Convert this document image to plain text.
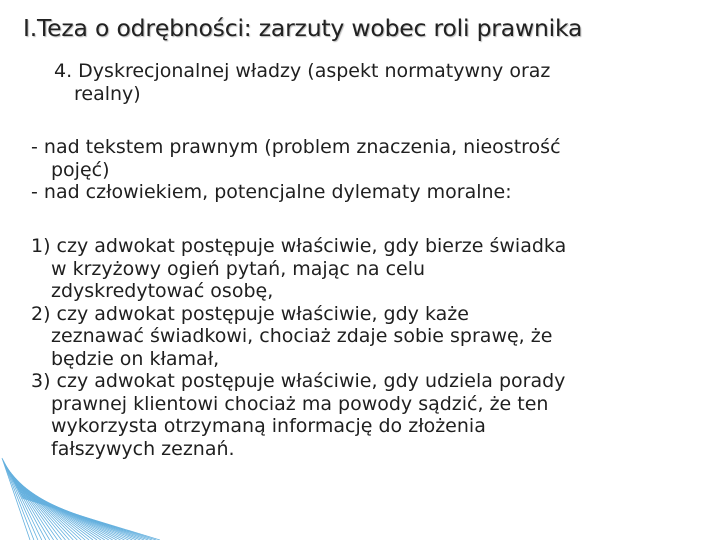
I.Teza o odrębności: zarzuty wobec roli prawnika

4. Dyskrecjonalnej władzy (aspekt normatywny oraz
realny)

- nad tekstem prawnym (problem znaczenia, nieostrość
pojęć)
- nad człowiekiem, potencjalne dylematy moralne:

1) czy adwokat postępuje właściwie, gdy bierze świadka
w krzyżowy ogień pytań, mając na celu
zdyskredytować osobę,
2) czy adwokat postępuje właściwie, gdy każe
zeznawać świadkowi, chociaż zdaje sobie sprawę, że
będzie on kłamał,
3) czy adwokat postępuje właściwie, gdy udziela porady
prawnej klientowi chociaż ma powody sądzić, że ten
wykorzysta otrzymaną informację do złożenia
fałszywych zeznań.
